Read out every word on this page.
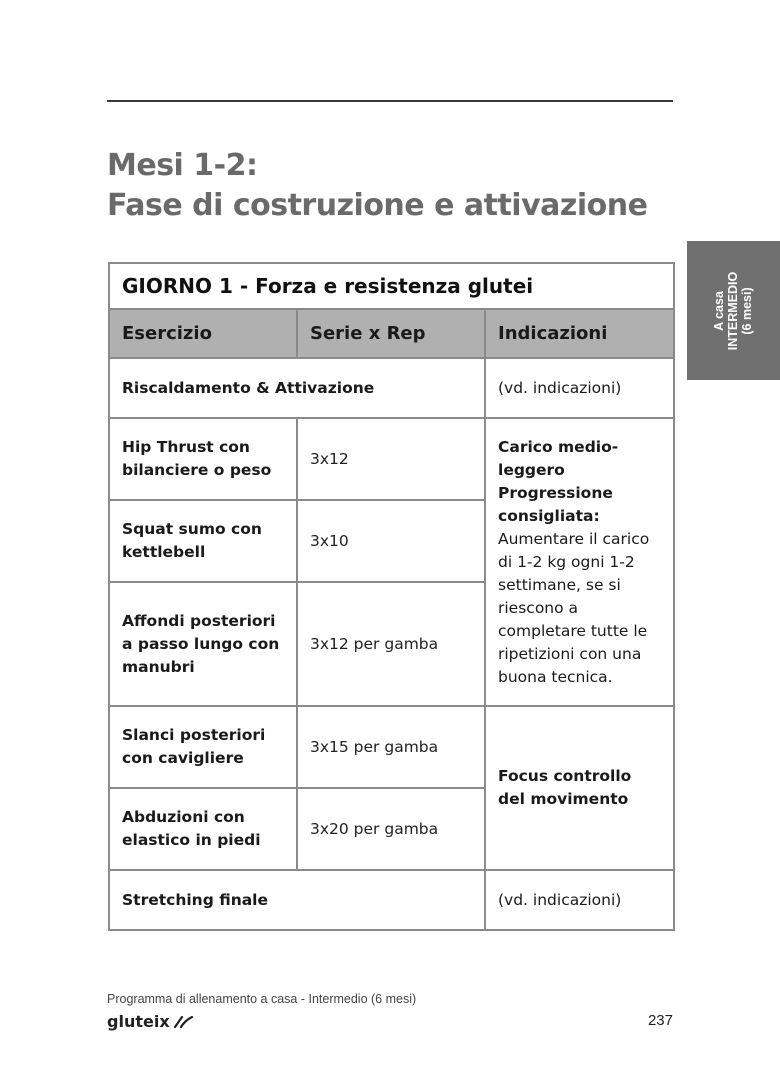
Mesi 1-2:
Fase di costruzione e attivazione
A casa INTERMEDIO (6 mesi)
GIORNO 1 - Forza e resistenza glutei		
Esercizio	Serie x Rep	Indicazioni
Riscaldamento & Attivazione		(vd. indicazioni)
Hip Thrust con bilanciere o peso	3x12	Carico medio-leggero Progressione consigliata: Aumentare il carico di 1-2 kg ogni 1-2 settimane, se si riescono a completare tutte le ripetizioni con una buona tecnica.
Squat sumo con kettlebell	3x10	
Affondi posteriori a passo lungo con manubri	3x12 per gamba	
Slanci posteriori con cavigliere	3x15 per gamba	Focus controllo del movimento
Abduzioni con elastico in piedi	3x20 per gamba	
Stretching finale		(vd. indicazioni)
Programma di allenamento a casa - Intermedio (6 mesi)
gluteix	237
